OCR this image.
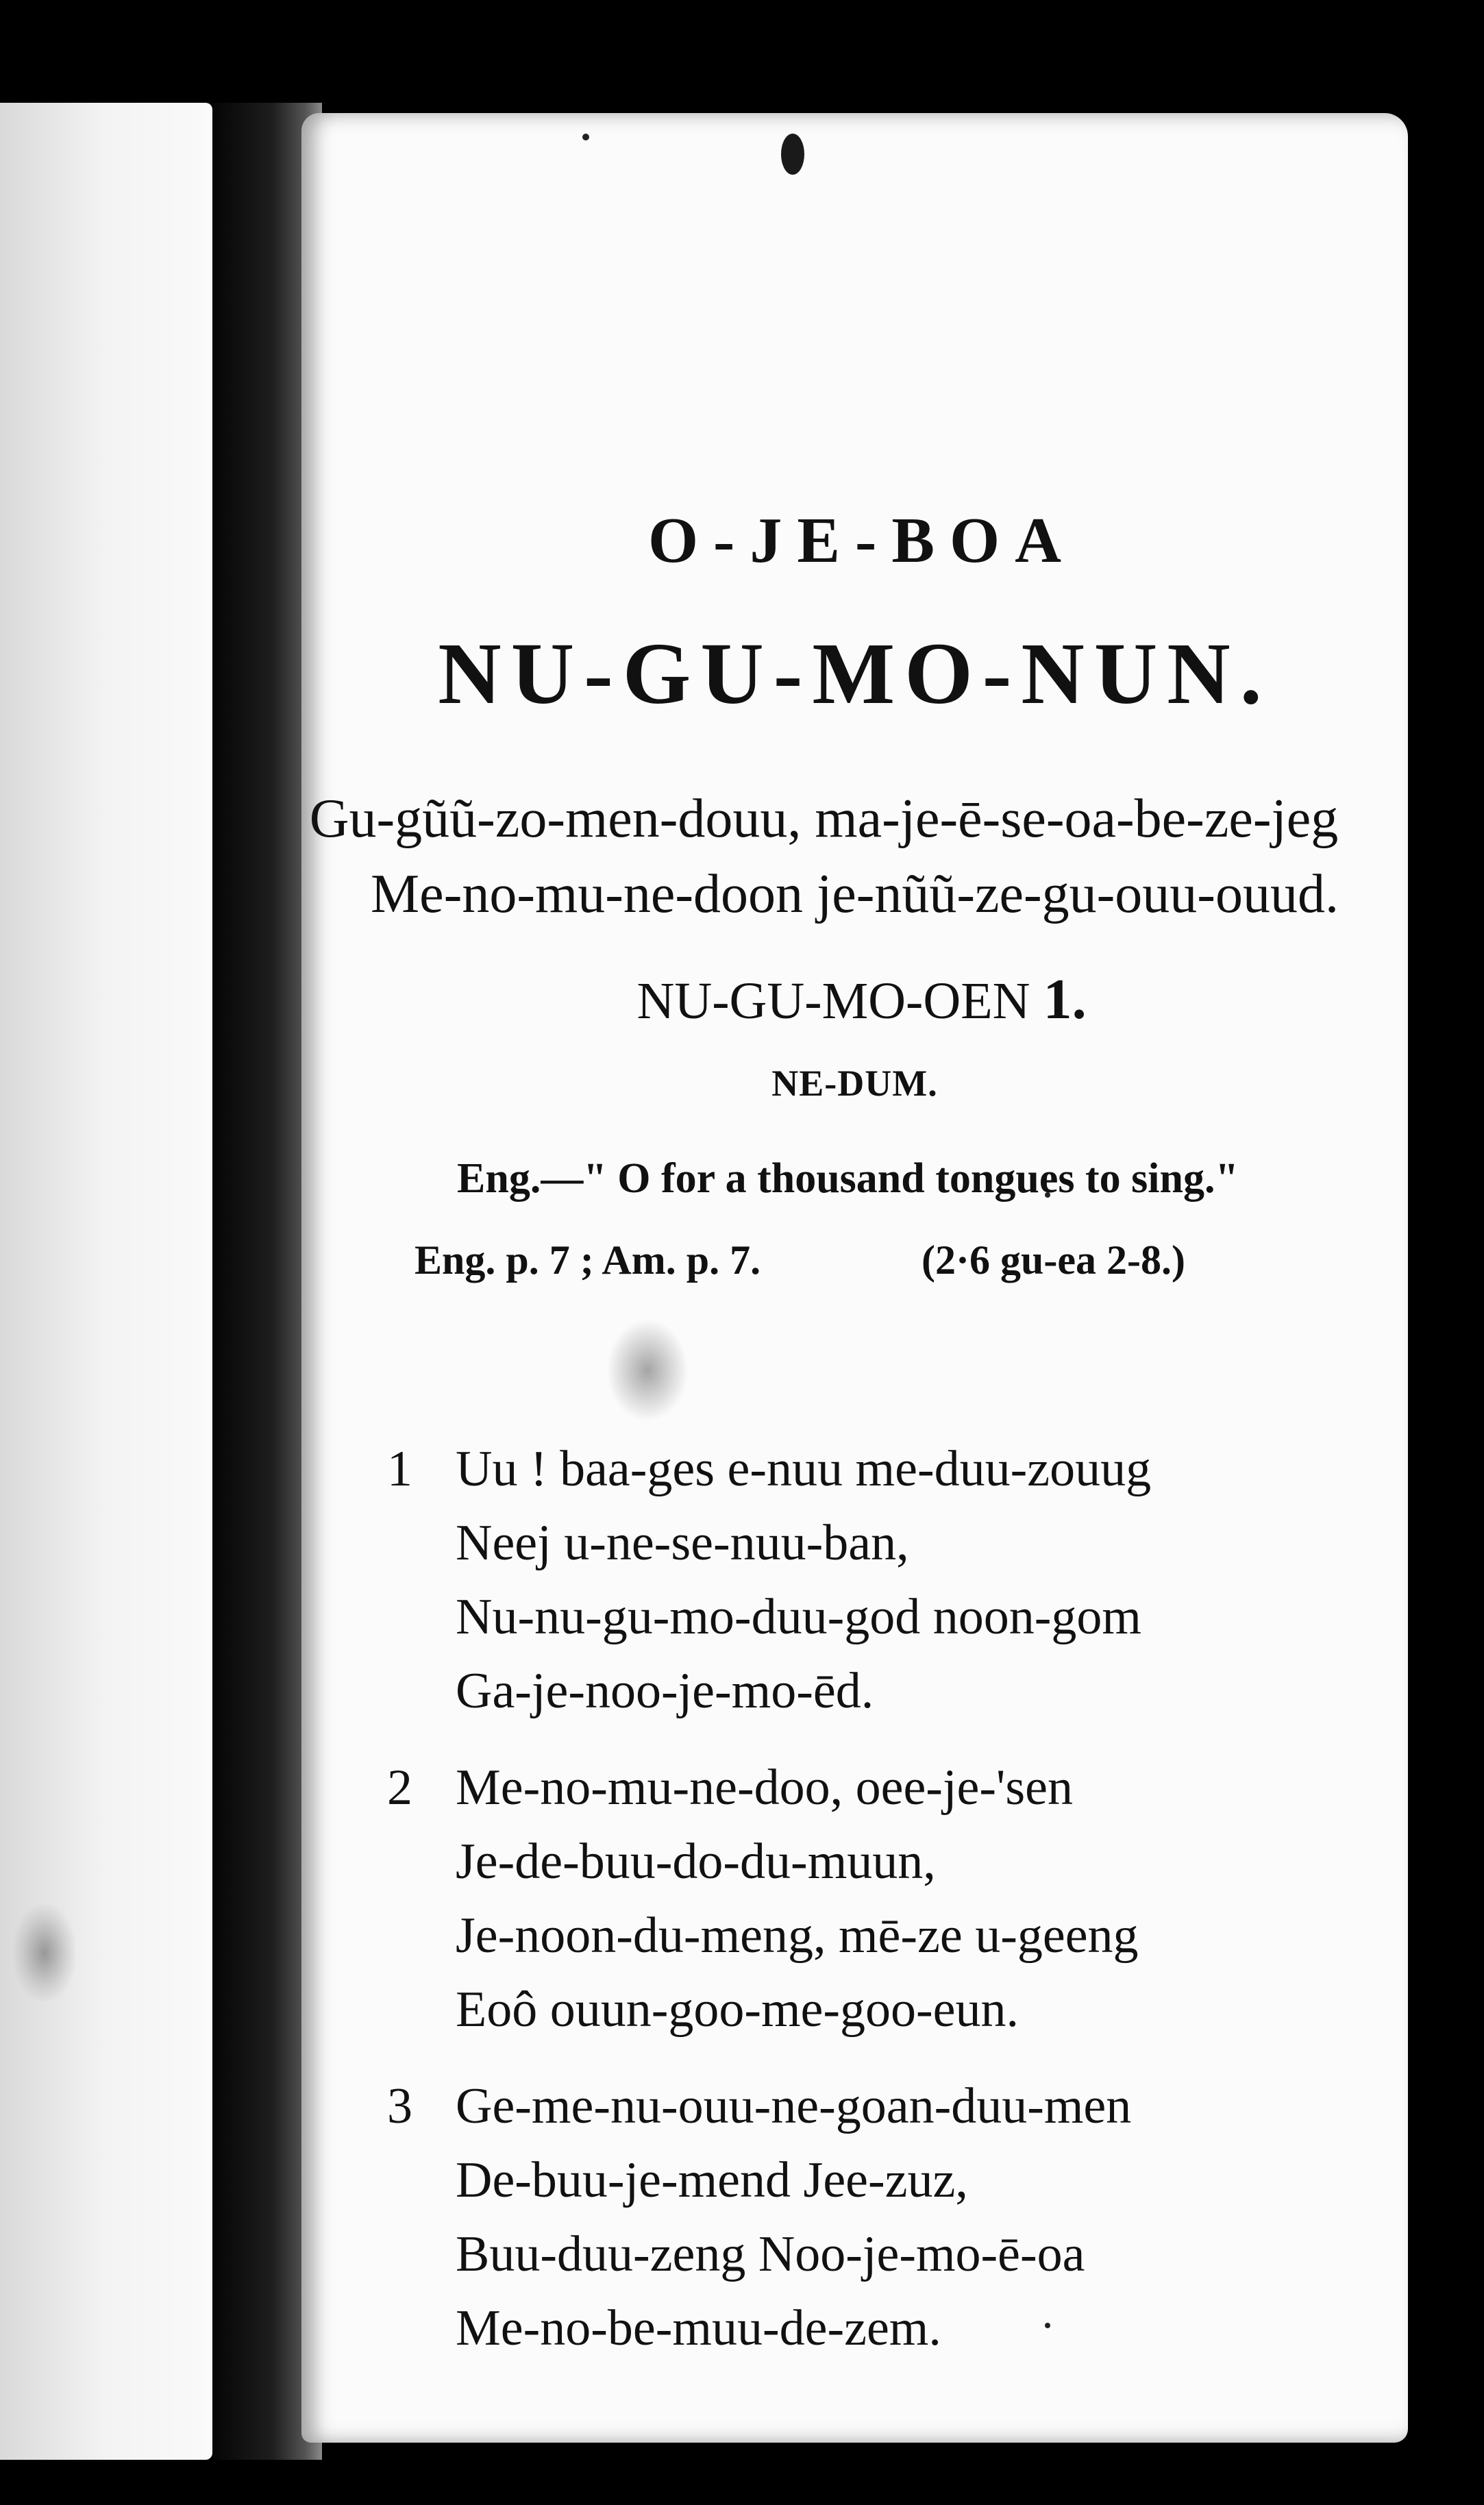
O-JE-BOA
NU-GU-MO-NUN.
Gu-gũũ-zo-men-douu, ma-je-ē-se-oa-be-ze-jeg
Me-no-mu-ne-doon je-nũũ-ze-gu-ouu-ouud.
NU-GU-MO-OEN 1.
NE-DUM.
Eng.—" O for a thousand tongues to sing."
Eng. p. 7 ; Am. p. 7.	(2·6 gu-ea 2-8.)
1 Uu ! baa-ges e-nuu me-duu-zouug
Neej u-ne-se-nuu-ban,
Nu-nu-gu-mo-duu-god noon-gom
Ga-je-noo-je-mo-ēd.
2 Me-no-mu-ne-doo, oee-je-'sen
Je-de-buu-do-du-muun,
Je-noon-du-meng, mē-ze u-geeng
Eoô ouun-goo-me-goo-eun.
3 Ge-me-nu-ouu-ne-goan-duu-men
De-buu-je-mend Jee-zuz,
Buu-duu-zeng Noo-je-mo-ē-oa
Me-no-be-muu-de-zem.
